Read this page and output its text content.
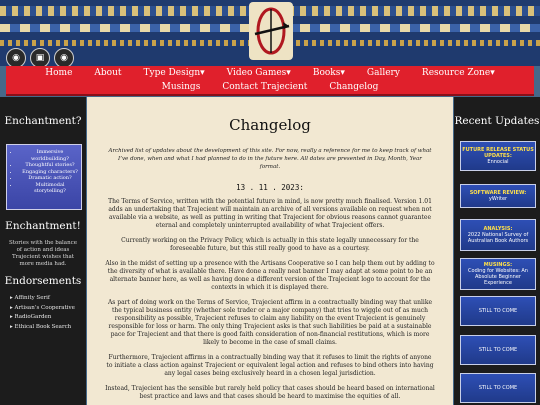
◉	▣	◉
Home	About	Type Design▾	Video Games▾	Books▾	Gallery	Resource Zone▾
Musings	Contact Trajecient	Changelog

Enchantment?

• Immersive worldbuilding?
• Thoughtful stories?
• Engaging characters?
• Dramatic action?
• Multimodal storytelling?

Enchantment!

Stories with the balance of action and ideas Trajecient wishes that more media had.

Endorsements

▸ Affinity Serif
▸ Artisan’s Cooperative
▸ RadioGarden
▸ Ethical Book Search
Changelog

Archived list of updates about the development of this site. For now, really a reference for me to keep track of what I’ve done, when and what I had planned to do in the future here. All dates are presented in Day, Month, Year format.

13 . 11 . 2023:

The Terms of Service, written with the potential future in mind, is now pretty much finalised. Version 1.01 adds an undertaking that Trajecient will maintain an archive of all versions available on request when not available via a website, as well as putting in writing that Trajecient for obvious reasons cannot guarantee eternal and completely uninterrupted availability of what Trajecient offers.

Currently working on the Privacy Policy, which is actually in this state legally unnecessary for the foreseeable future, but this still really good to have as a courtesy.

Also in the midst of setting up a presence with the Artisans Cooperative so I can help them out by adding to the diversity of what is available there. Have done a really neat banner I may adapt at some point to be an alternate banner here, as well as having done a different version of the Trajecient logo to account for the contexts in which it is displayed there.

As part of doing work on the Terms of Service, Trajecient affirm in a contractually binding way that unlike the typical business entity (whether sole trader or a major company) that tries to wiggle out of as much responsibility as possible, Trajecient refuses to claim any liability on the event Trajecient is genuinely responsible for loss or harm. The only thing Trajecient asks is that such liabilities be paid at a sustainable pace for Trajecient and that there is good faith consideration of non-financial restitutions, which is more likely to become in the case of small claims.

Furthermore, Trajecient affirms in a contractually binding way that it refuses to limit the rights of anyone to initiate a class action against Trajecient or equivalent legal action and refuses to bind others into having any legal cases being exclusively heard in a chosen legal jurisdiction.

Instead, Trajecient has the sensible but rarely held policy that cases should be heard based on international best practice and laws and that cases should be heard to maximise the equities of all.

Recent Updates

FUTURE RELEASE STATUS UPDATES:
Ennocial
SOFTWARE REVIEW:
yWriter
ANALYSIS:
2022 National Survey of Australian Book Authors
MUSINGS:
Coding for Websites: An Absolute Beginner Experience
STILL TO COME
STILL TO COME
STILL TO COME
